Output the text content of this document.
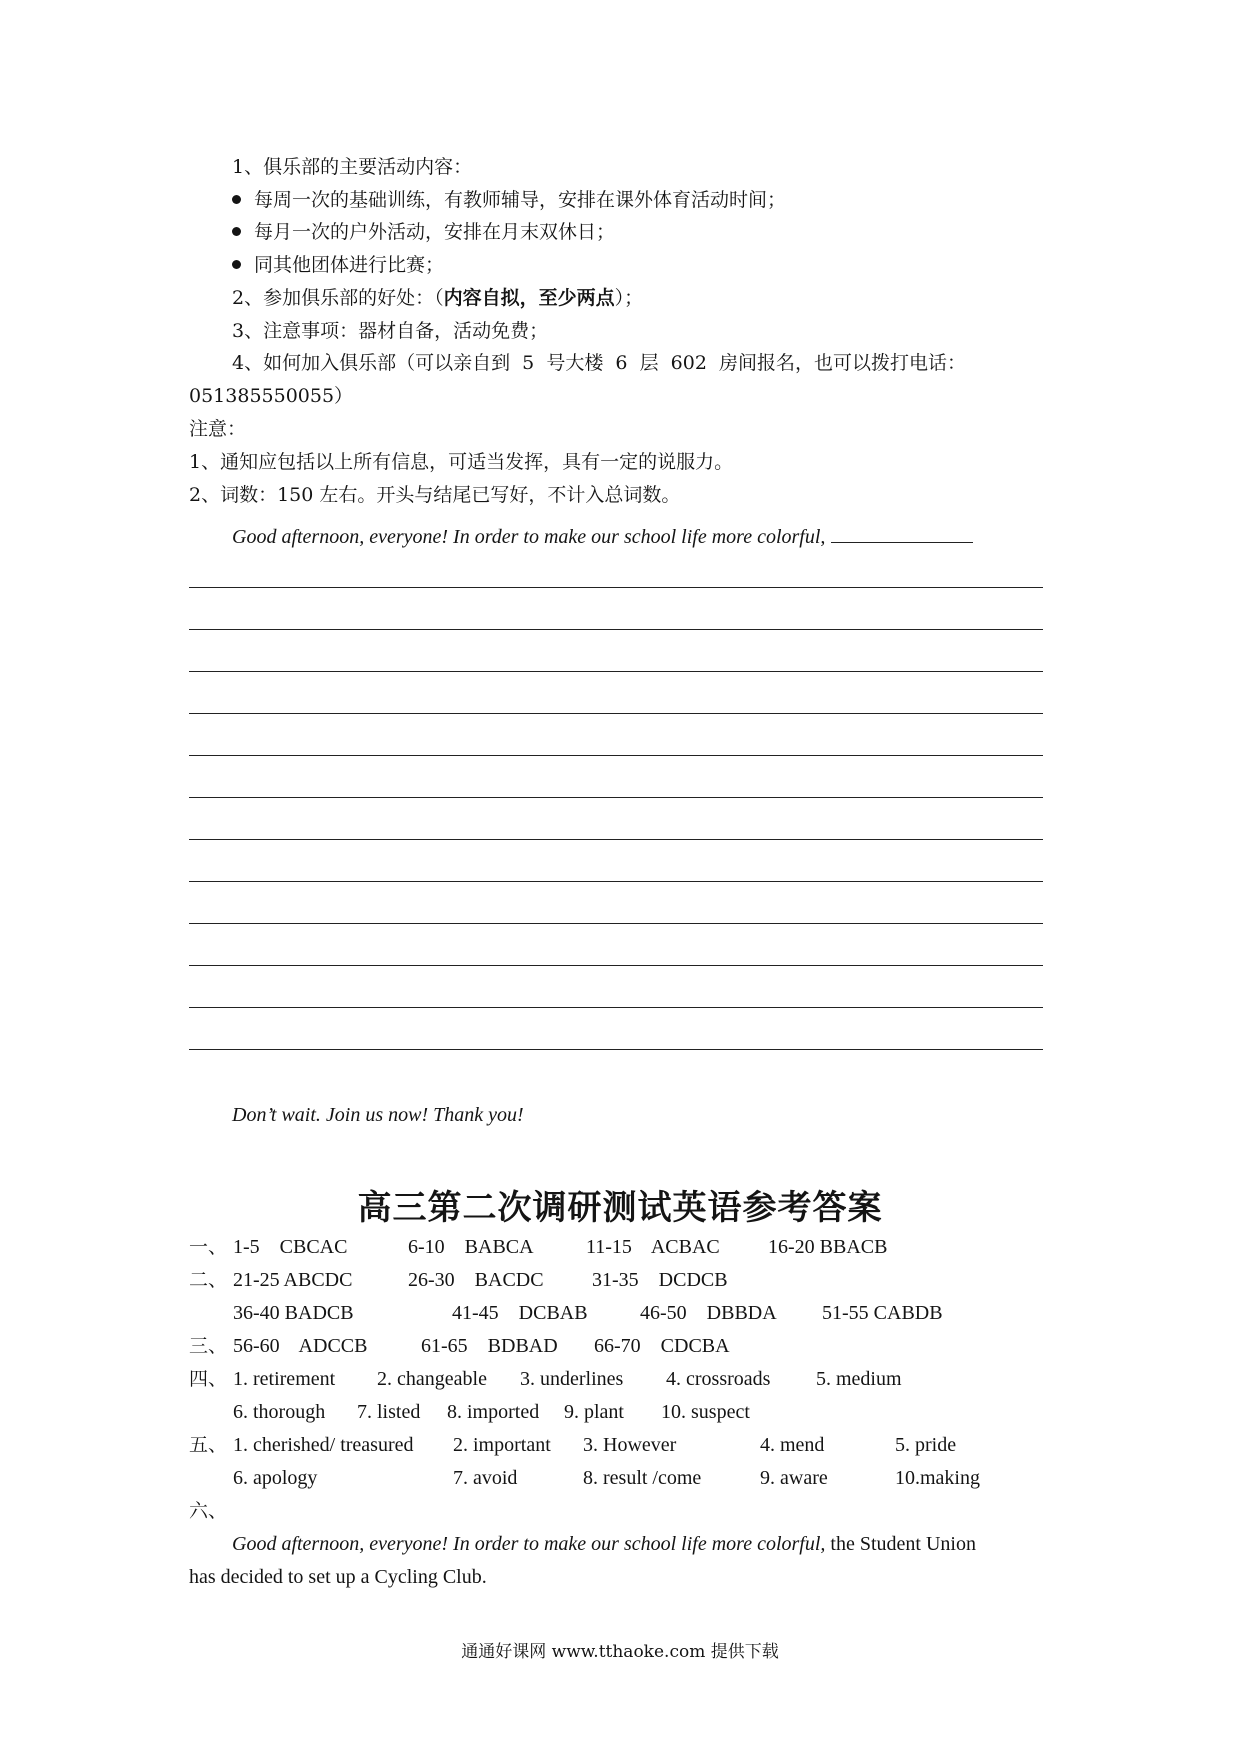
1、俱乐部的主要活动内容：
每周一次的基础训练，有教师辅导，安排在课外体育活动时间；
每月一次的户外活动，安排在月末双休日；
同其他团体进行比赛；
2、参加俱乐部的好处：（内容自拟，至少两点）；
3、注意事项：器材自备，活动免费；
4、如何加入俱乐部（可以亲自到  5  号大楼  6  层  602  房间报名，也可以拨打电话：
051385550055）
注意：
1、通知应包括以上所有信息，可适当发挥，具有一定的说服力。
2、词数：150 左右。开头与结尾已写好，不计入总词数。
Good afternoon, everyone! In order to make our school life more colorful,
Don’t wait. Join us now! Thank you!
高三第二次调研测试英语参考答案
一、 1-5    CBCAC	6-10    BABCA	11-15    ACBAC 16-20 BBACB
二、 21-25 ABCDC	26-30    BACDC 31-35    DCDCB
36-40 BADCB	41-45    DCBAB	46-50    DBBDA 51-55 CABDB
三、 56-60    ADCCB	61-65    BDBAD 66-70    CDCBA
四、 1. retirement 2. changeable 3. underlines 4. crossroads 5. medium
6. thorough 7. listed 8. imported 9. plant 10. suspect
五、 1. cherished/ treasured 2. important 3. However	4. mend	5. pride
6. apology	7. avoid	8. result /come	9. aware	10.making
六、
Good afternoon, everyone! In order to make our school life more colorful, the Student Union
has decided to set up a Cycling Club.
通通好课网 www.tthaoke.com 提供下载
